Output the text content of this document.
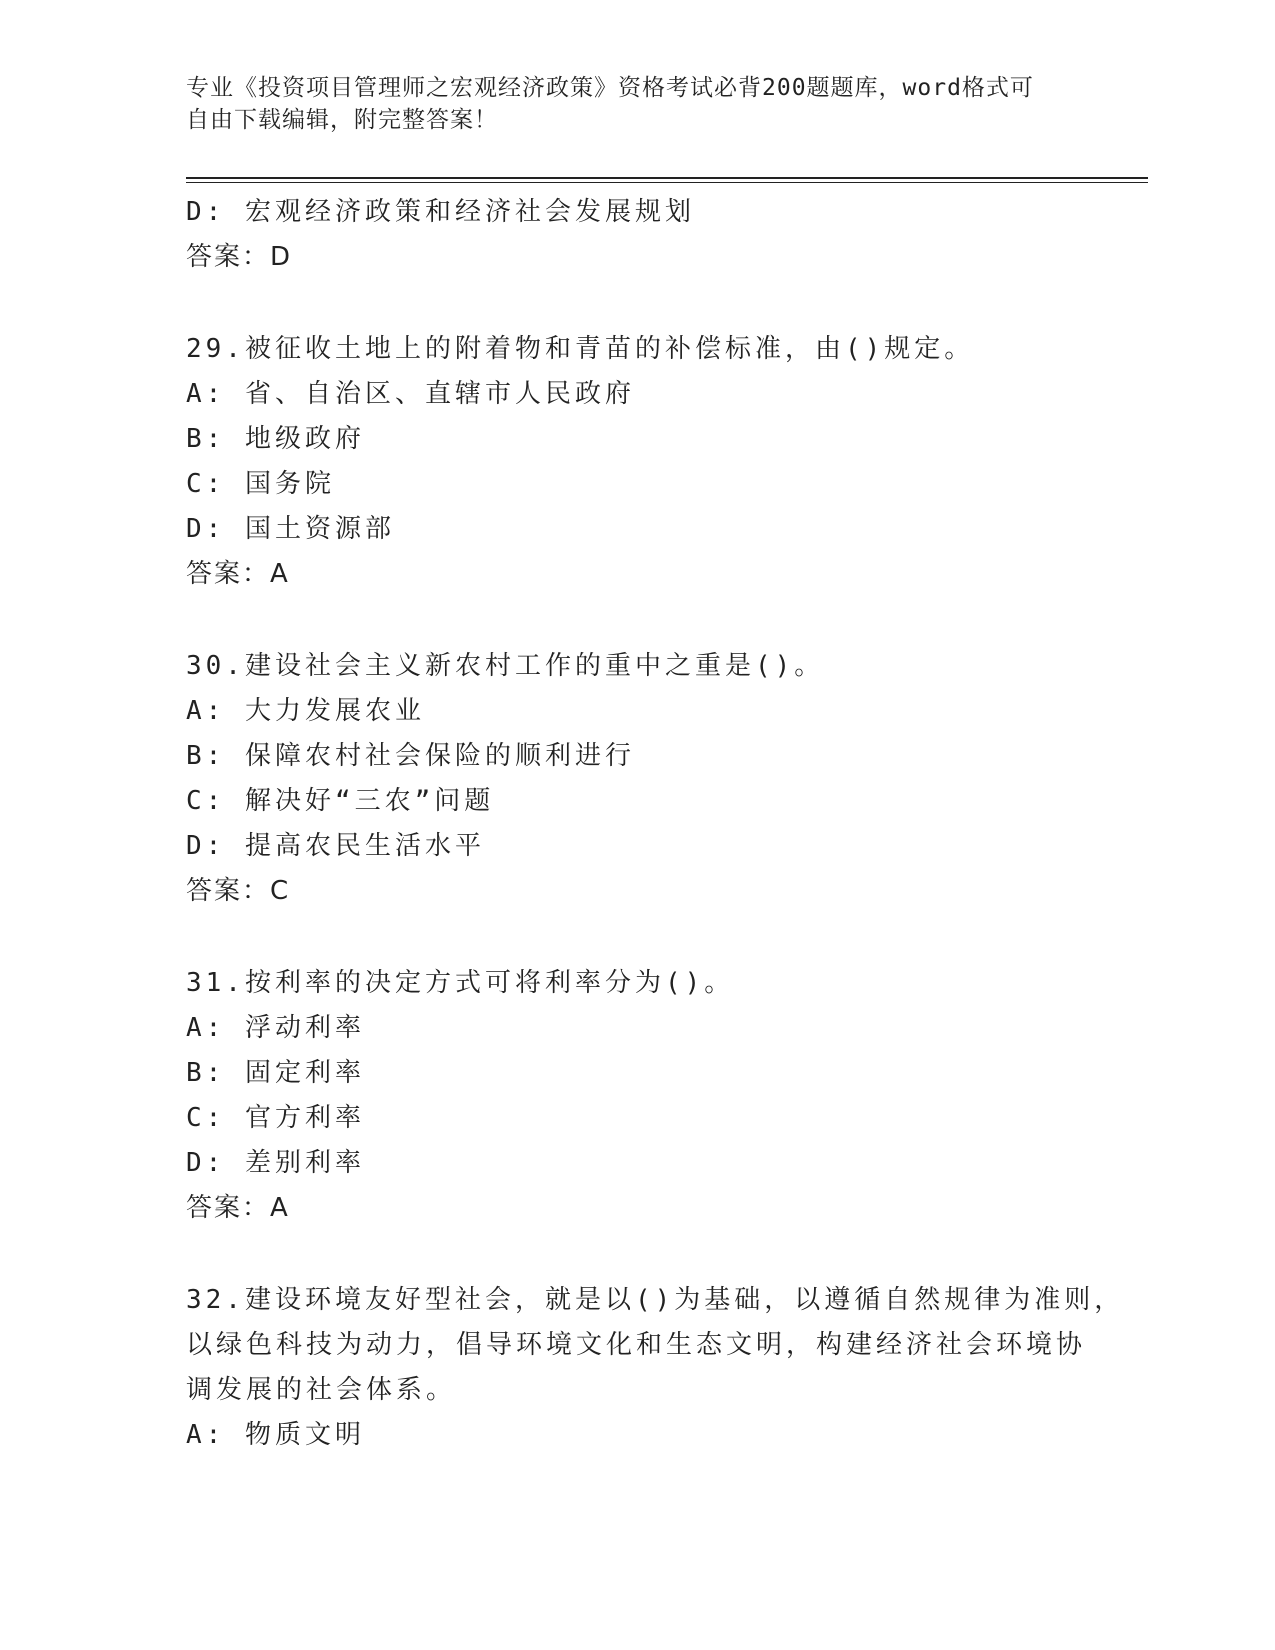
专业《投资项目管理师之宏观经济政策》资格考试必背200题题库，word格式可
自由下载编辑，附完整答案！
D: 宏观经济政策和经济社会发展规划
答案：D
29.被征收土地上的附着物和青苗的补偿标准，由()规定。
A: 省、自治区、直辖市人民政府
B: 地级政府
C: 国务院
D: 国土资源部
答案：A
30.建设社会主义新农村工作的重中之重是()。
A: 大力发展农业
B: 保障农村社会保险的顺利进行
C: 解决好“三农”问题
D: 提高农民生活水平
答案：C
31.按利率的决定方式可将利率分为()。
A: 浮动利率
B: 固定利率
C: 官方利率
D: 差别利率
答案：A
32.建设环境友好型社会，就是以()为基础，以遵循自然规律为准则，
以绿色科技为动力，倡导环境文化和生态文明，构建经济社会环境协
调发展的社会体系。
A: 物质文明
